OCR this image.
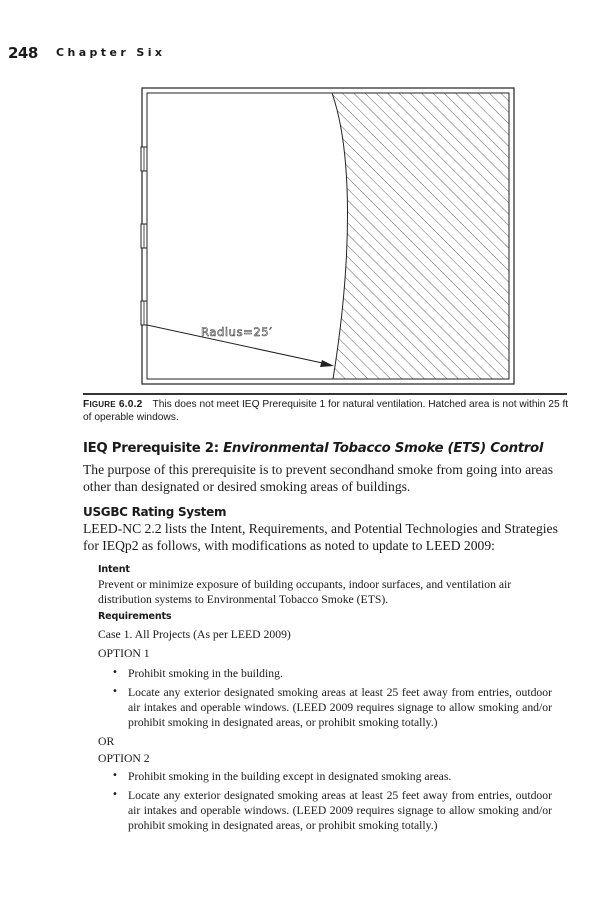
248 Chapter Six
Radius=25′
FIGURE 6.0.2 This does not meet IEQ Prerequisite 1 for natural ventilation. Hatched area is not within 25 ft of operable windows.
IEQ Prerequisite 2: Environmental Tobacco Smoke (ETS) Control
The purpose of this prerequisite is to prevent secondhand smoke from going into areas other than designated or desired smoking areas of buildings.
USGBC Rating System
LEED-NC 2.2 lists the Intent, Requirements, and Potential Technologies and Strategies for IEQp2 as follows, with modifications as noted to update to LEED 2009:
Intent
Prevent or minimize exposure of building occupants, indoor surfaces, and ventilation air distribution systems to Environmental Tobacco Smoke (ETS).
Requirements
Case 1. All Projects (As per LEED 2009)
OPTION 1
• Prohibit smoking in the building.
• Locate any exterior designated smoking areas at least 25 feet away from entries, outdoor air intakes and operable windows. (LEED 2009 requires signage to allow smoking and/or prohibit smoking in designated areas, or prohibit smoking totally.)
OR
OPTION 2
• Prohibit smoking in the building except in designated smoking areas.
• Locate any exterior designated smoking areas at least 25 feet away from entries, outdoor air intakes and operable windows. (LEED 2009 requires signage to allow smoking and/or prohibit smoking in designated areas, or prohibit smoking totally.)
